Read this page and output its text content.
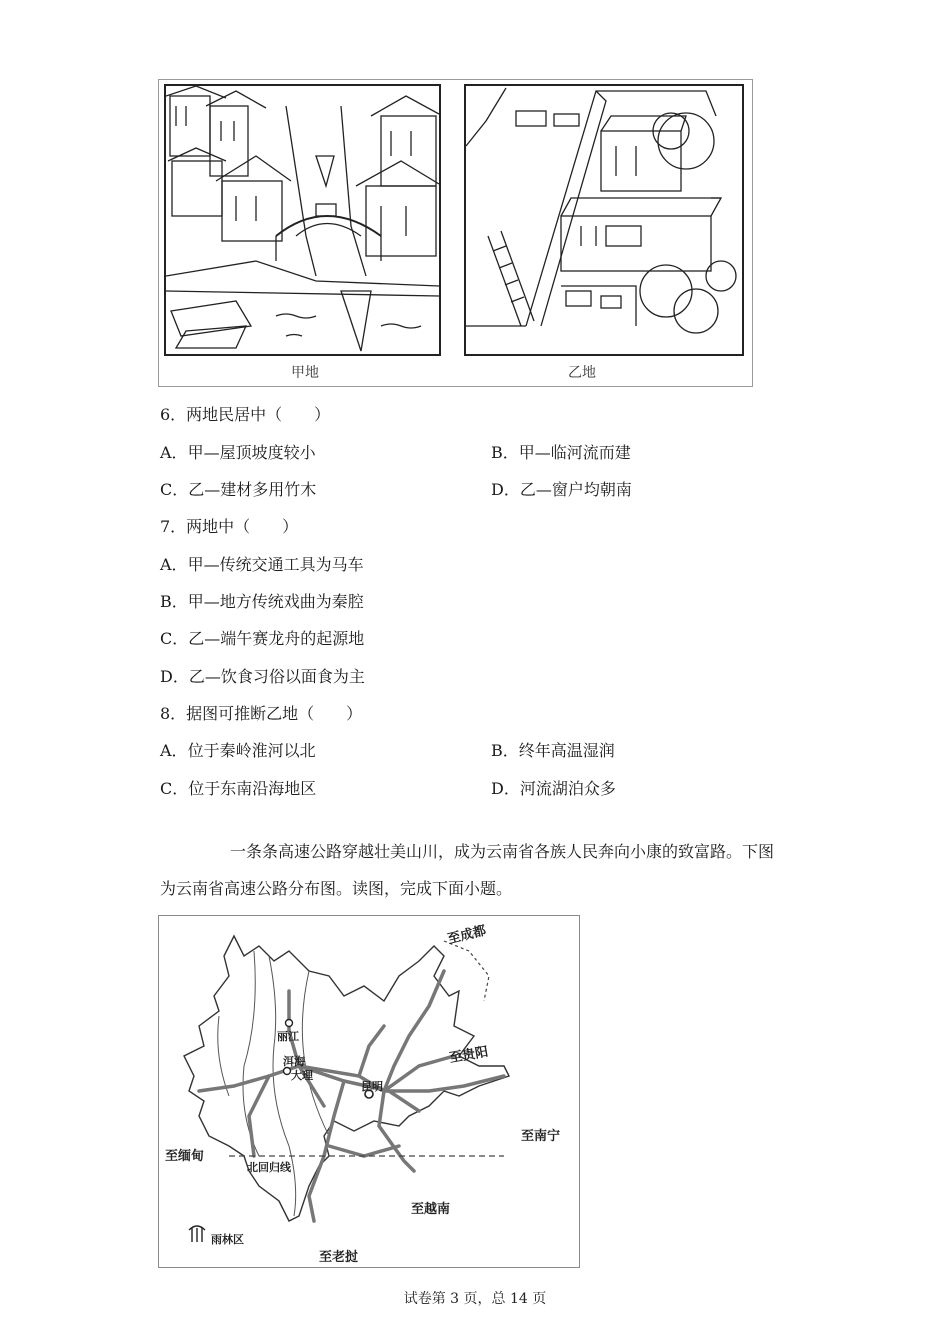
甲地	乙地
6．两地民居中（　　）
A．甲—屋顶坡度较小	B．甲—临河流而建
C．乙—建材多用竹木	D．乙—窗户均朝南
7．两地中（　　）
A．甲—传统交通工具为马车
B．甲—地方传统戏曲为秦腔
C．乙—端午赛龙舟的起源地
D．乙—饮食习俗以面食为主
8．据图可推断乙地（　　）
A．位于秦岭淮河以北	B．终年高温湿润
C．位于东南沿海地区	D．河流湖泊众多
一条条高速公路穿越壮美山川，成为云南省各族人民奔向小康的致富路。下图
为云南省高速公路分布图。读图，完成下面小题。
至成都
至贵阳
至南宁
至缅甸
至越南
至老挝
丽江
洱海
大理
昆明
北回归线
雨林区
试卷第 3 页，总 14 页
